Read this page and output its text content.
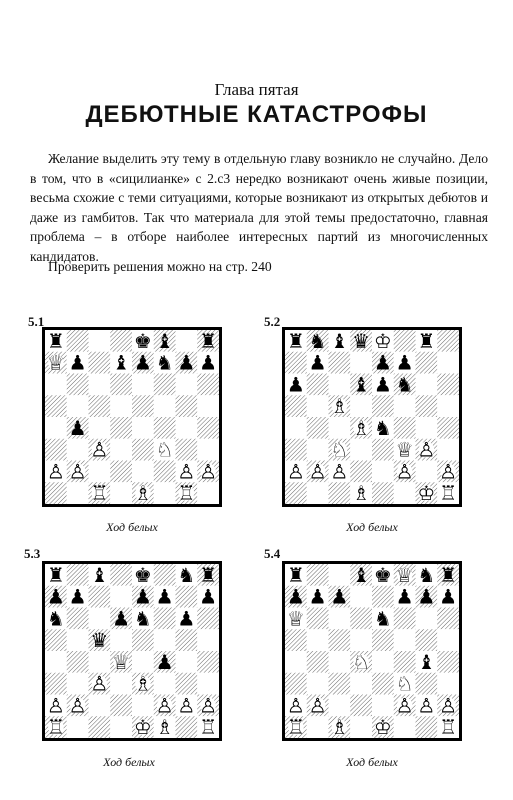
Глава пятая
ДЕБЮТНЫЕ КАТАСТРОФЫ
Желание выделить эту тему в отдельную главу возникло не случайно. Дело в том, что в «сицилианке» с 2.c3 нередко возникают очень живые позиции, весьма схожие с теми ситуациями, которые возникают из открытых дебютов и даже из гамбитов. Так что материала для этой темы предостаточно, главная проблема – в отборе наиболее интересных партий из многочисленных кандидатов.
Проверить решения можно на стр. 240
5.1
♜	♚ ♝ ♜
♕ ♟ ♝ ♟ ♞ ♟ ♟
♟
♙ ♘
♙ ♙	♙ ♙
♖ ♗ ♖
Ход белых
5.2
♜ ♞ ♝ ♛ ♔ ♜
♟ ♟ ♟
♟ ♝ ♟ ♞
♗
♗ ♞
♘ ♕ ♙
♙ ♙ ♙ ♙ ♙
♗ ♔ ♖
Ход белых
5.3
♜ ♝ ♚ ♞ ♜
♟ ♟ ♟ ♟ ♟
♞ ♟ ♞ ♟
♛
♕ ♟
♙ ♗
♙ ♙	♙ ♙ ♙
♖	♔ ♗ ♖
Ход белых
5.4
♜ ♝ ♚ ♕ ♞ ♜
♟ ♟ ♟ ♟ ♟ ♟
♕	♞
♘ ♝
♘
♙ ♙	♙ ♙ ♙
♖ ♗ ♔ ♖
Ход белых
